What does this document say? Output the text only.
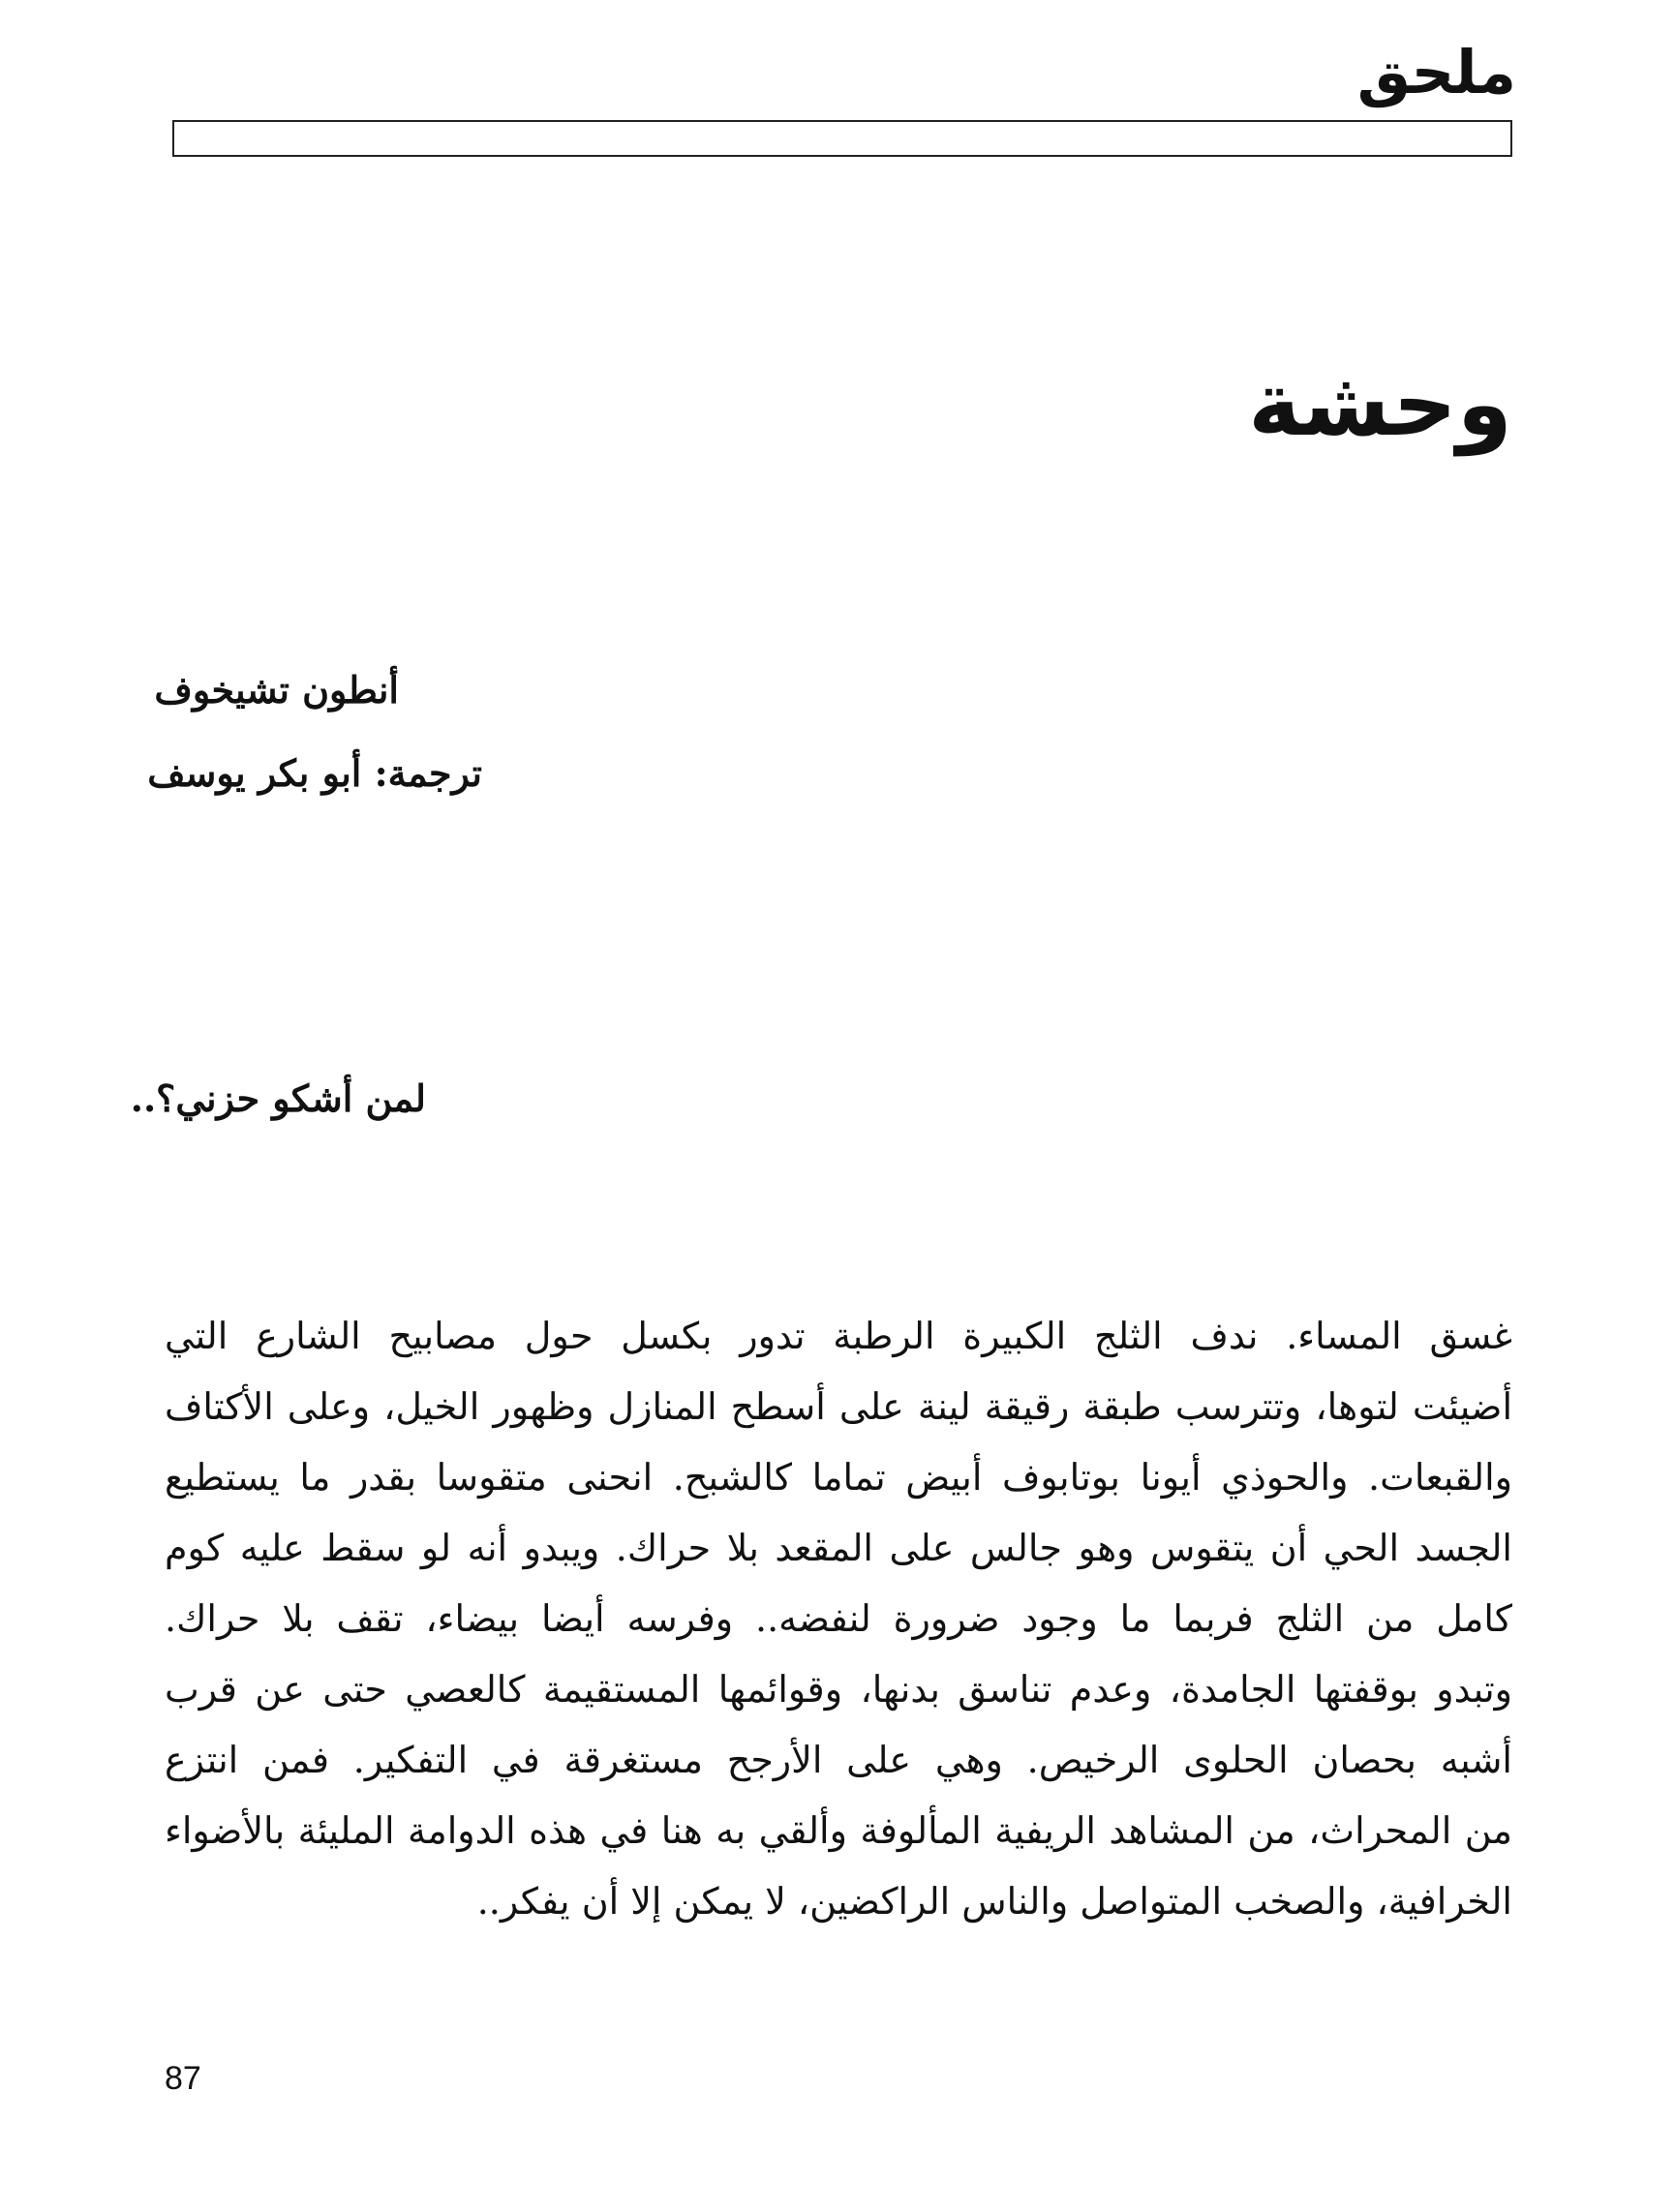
ملحق
وحشة
أنطون تشيخوف
ترجمة: أبو بكر يوسف
لمن أشكو حزني؟..
غسق المساء. ندف الثلج الكبيرة الرطبة تدور بكسل حول مصابيح الشارع التي
أضيئت لتوها، وتترسب طبقة رقيقة لينة على أسطح المنازل وظهور الخيل، وعلى الأكتاف
والقبعات. والحوذي أيونا بوتابوف أبيض تماما كالشبح. انحنى متقوسا بقدر ما يستطيع
الجسد الحي أن يتقوس وهو جالس على المقعد بلا حراك. ويبدو أنه لو سقط عليه كوم
كامل من الثلج فربما ما وجود ضرورة لنفضه.. وفرسه أيضا بيضاء، تقف بلا حراك.
وتبدو بوقفتها الجامدة، وعدم تناسق بدنها، وقوائمها المستقيمة كالعصي حتى عن قرب
أشبه بحصان الحلوى الرخيص. وهي على الأرجح مستغرقة في التفكير. فمن انتزع
من المحراث، من المشاهد الريفية المألوفة وألقي به هنا في هذه الدوامة المليئة بالأضواء
الخرافية، والصخب المتواصل والناس الراكضين، لا يمكن إلا أن يفكر..
87
